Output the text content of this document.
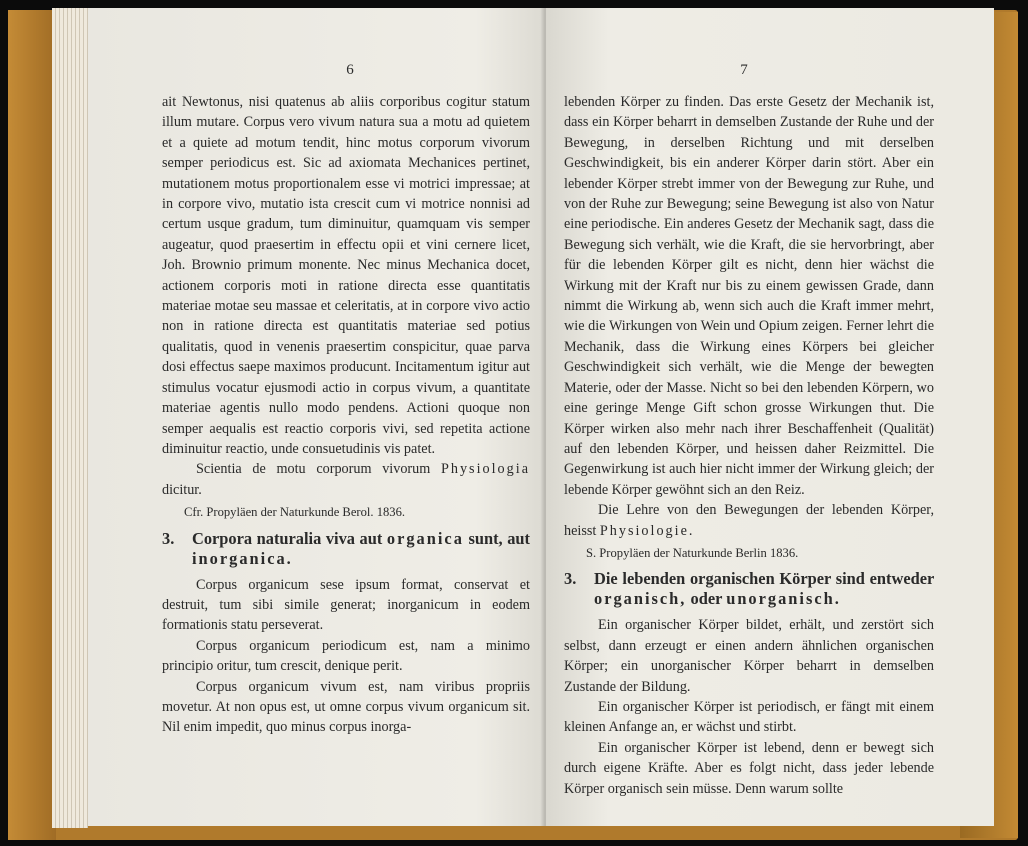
6

ait Newtonus, nisi quatenus ab aliis corporibus cogitur statum illum mutare. Corpus vero vivum natura sua a motu ad quietem et a quiete ad motum tendit, hinc motus corporum vivorum semper periodicus est. Sic ad axiomata Mechanices pertinet, mutationem motus proportionalem esse vi motrici impressae; at in corpore vivo, mutatio ista crescit cum vi motrice nonnisi ad certum usque gradum, tum diminuitur, quamquam vis semper augeatur, quod praesertim in effectu opii et vini cernere licet, Joh. Brownio primum monente. Nec minus Mechanica docet, actionem corporis moti in ratione directa esse quantitatis materiae motae seu massae et celeritatis, at in corpore vivo actio non in ratione directa est quantitatis materiae sed potius qualitatis, quod in venenis praesertim conspicitur, quae parva dosi effectus saepe maximos producunt. Incitamentum igitur aut stimulus vocatur ejusmodi actio in corpus vivum, a quantitate materiae agentis nullo modo pendens. Actioni quoque non semper aequalis est reactio corporis vivi, sed repetita actione diminuitur reactio, unde consuetudinis vis patet.

Scientia de motu corporum vivorum Physiologia dicitur.

Cfr. Propyläen der Naturkunde Berol. 1836.

3.	Corpora naturalia viva aut organica sunt, aut inorganica.

Corpus organicum sese ipsum format, conservat et destruit, tum sibi simile generat; inorganicum in eodem formationis statu perseverat.

Corpus organicum periodicum est, nam a minimo principio oritur, tum crescit, denique perit.

Corpus organicum vivum est, nam viribus propriis movetur. At non opus est, ut omne corpus vivum organicum sit. Nil enim impedit, quo minus corpus inorga-

7

lebenden Körper zu finden. Das erste Gesetz der Mechanik ist, dass ein Körper beharrt in demselben Zustande der Ruhe und der Bewegung, in derselben Richtung und mit derselben Geschwindigkeit, bis ein anderer Körper darin stört. Aber ein lebender Körper strebt immer von der Bewegung zur Ruhe, und von der Ruhe zur Bewegung; seine Bewegung ist also von Natur eine periodische. Ein anderes Gesetz der Mechanik sagt, dass die Bewegung sich verhält, wie die Kraft, die sie hervorbringt, aber für die lebenden Körper gilt es nicht, denn hier wächst die Wirkung mit der Kraft nur bis zu einem gewissen Grade, dann nimmt die Wirkung ab, wenn sich auch die Kraft immer mehrt, wie die Wirkungen von Wein und Opium zeigen. Ferner lehrt die Mechanik, dass die Wirkung eines Körpers bei gleicher Geschwindigkeit sich verhält, wie die Menge der bewegten Materie, oder der Masse. Nicht so bei den lebenden Körpern, wo eine geringe Menge Gift schon grosse Wirkungen thut. Die Körper wirken also mehr nach ihrer Beschaffenheit (Qualität) auf den lebenden Körper, und heissen daher Reizmittel. Die Gegenwirkung ist auch hier nicht immer der Wirkung gleich; der lebende Körper gewöhnt sich an den Reiz.

Die Lehre von den Bewegungen der lebenden Körper, heisst Physiologie.

S. Propyläen der Naturkunde Berlin 1836.

3.	Die lebenden organischen Körper sind entweder organisch, oder unorganisch.

Ein organischer Körper bildet, erhält, und zerstört sich selbst, dann erzeugt er einen andern ähnlichen organischen Körper; ein unorganischer Körper beharrt in demselben Zustande der Bildung.

Ein organischer Körper ist periodisch, er fängt mit einem kleinen Anfange an, er wächst und stirbt.

Ein organischer Körper ist lebend, denn er bewegt sich durch eigene Kräfte. Aber es folgt nicht, dass jeder lebende Körper organisch sein müsse. Denn warum sollte
